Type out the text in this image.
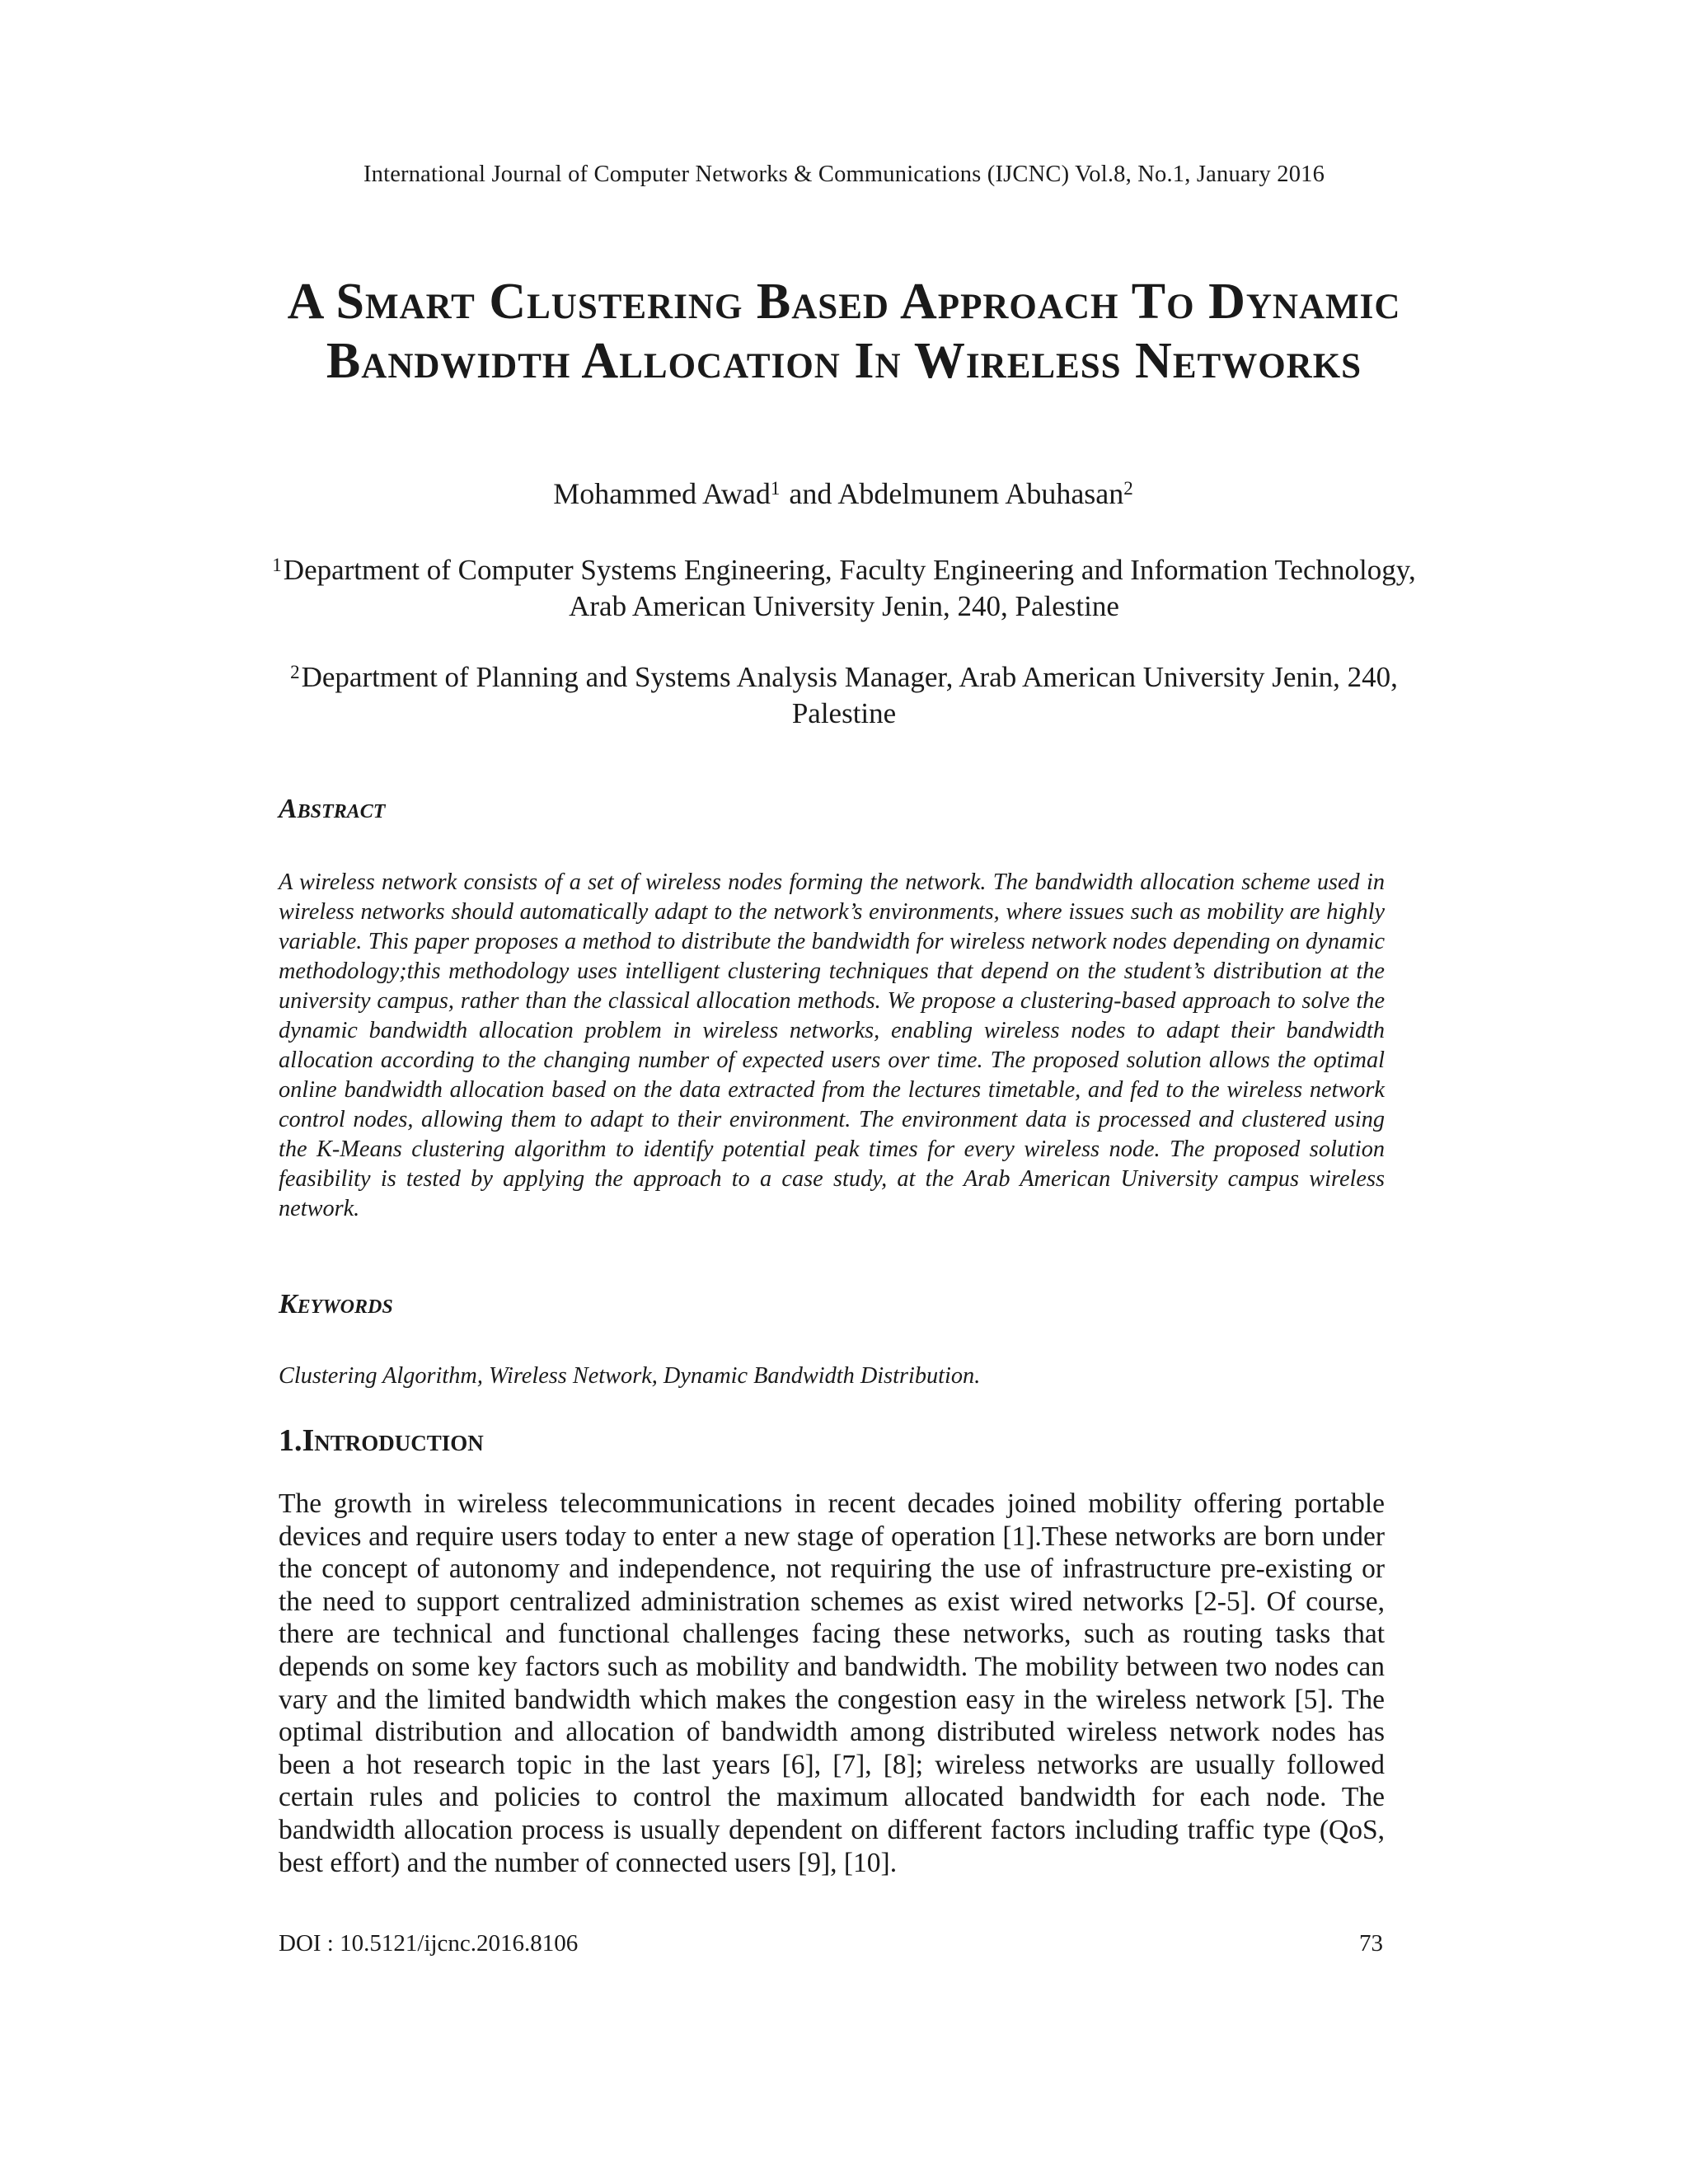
International Journal of Computer Networks & Communications (IJCNC) Vol.8, No.1, January 2016
A Smart Clustering Based Approach To Dynamic Bandwidth Allocation In Wireless Networks
Mohammed Awad$^1$ and Abdelmunem Abuhasan$^2$
$^1$Department of Computer Systems Engineering, Faculty Engineering and Information Technology, Arab American University Jenin, 240, Palestine
$^2$Department of Planning and Systems Analysis Manager, Arab American University Jenin, 240, Palestine
Abstract
A wireless network consists of a set of wireless nodes forming the network. The bandwidth allocation scheme used in wireless networks should automatically adapt to the network’s environments, where issues such as mobility are highly variable. This paper proposes a method to distribute the bandwidth for wireless network nodes depending on dynamic methodology;this methodology uses intelligent clustering techniques that depend on the student’s distribution at the university campus, rather than the classical allocation methods. We propose a clustering-based approach to solve the dynamic bandwidth allocation problem in wireless networks, enabling wireless nodes to adapt their bandwidth allocation according to the changing number of expected users over time. The proposed solution allows the optimal online bandwidth allocation based on the data extracted from the lectures timetable, and fed to the wireless network control nodes, allowing them to adapt to their environment. The environment data is processed and clustered using the K-Means clustering algorithm to identify potential peak times for every wireless node. The proposed solution feasibility is tested by applying the approach to a case study, at the Arab American University campus wireless network.
Keywords
Clustering Algorithm, Wireless Network, Dynamic Bandwidth Distribution.
1.Introduction
The growth in wireless telecommunications in recent decades joined mobility offering portable devices and require users today to enter a new stage of operation [1].These networks are born under the concept of autonomy and independence, not requiring the use of infrastructure pre-existing or the need to support centralized administration schemes as exist wired networks [2-5]. Of course, there are technical and functional challenges facing these networks, such as routing tasks that depends on some key factors such as mobility and bandwidth. The mobility between two nodes can vary and the limited bandwidth which makes the congestion easy in the wireless network [5]. The optimal distribution and allocation of bandwidth among distributed wireless network nodes has been a hot research topic in the last years [6], [7], [8]; wireless networks are usually followed certain rules and policies to control the maximum allocated bandwidth for each node. The bandwidth allocation process is usually dependent on different factors including traffic type (QoS, best effort) and the number of connected users [9], [10].
DOI : 10.5121/ijcnc.2016.8106	73
